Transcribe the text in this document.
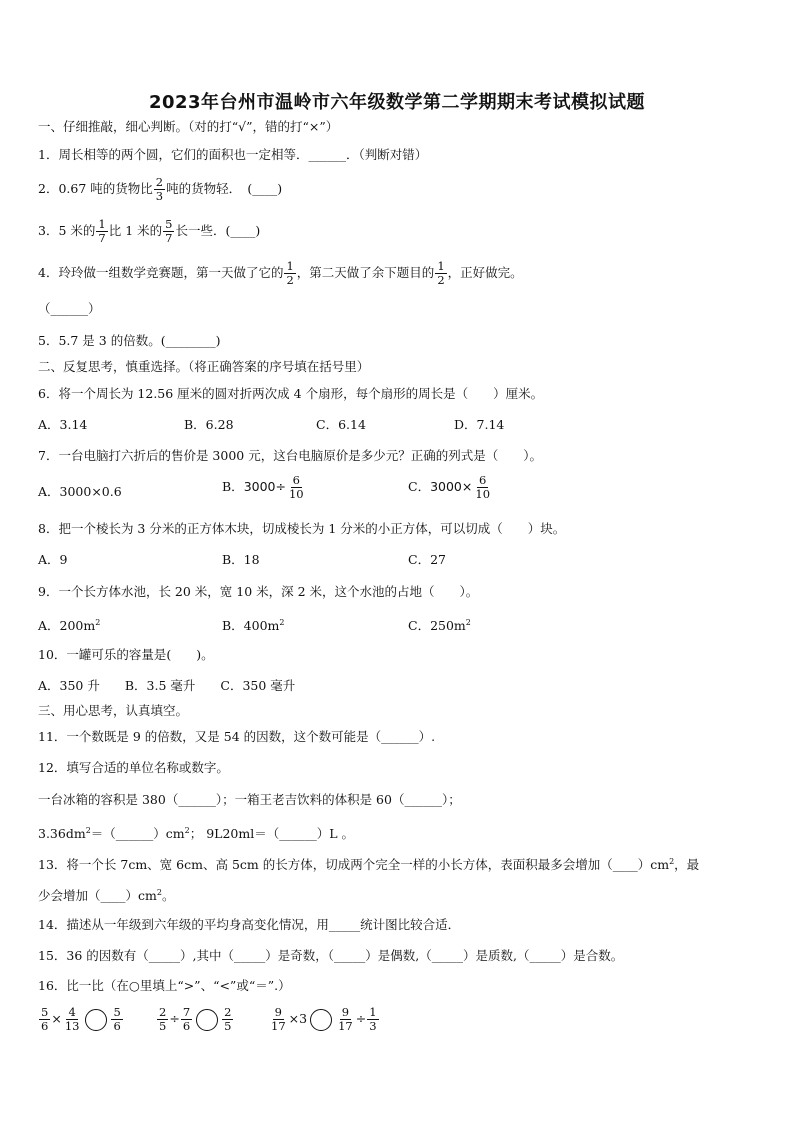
2023年台州市温岭市六年级数学第二学期期末考试模拟试题
一、仔细推敲，细心判断。（对的打“√”，错的打“×”）
1．周长相等的两个圆，它们的面积也一定相等．______．（判断对错）
2．0.67 吨的货物比 $\frac{2}{3}$ 吨的货物轻．　(____)
3．5 米的 $\frac{1}{7}$ 比 1 米的 $\frac{5}{7}$ 长一些．(____)
4．玲玲做一组数学竞赛题，第一天做了它的 $\frac{1}{2}$ ，第二天做了余下题目的 $\frac{1}{2}$ ，正好做完。
（______）
5．5.7 是 3 的倍数。(________)
二、反复思考，慎重选择。（将正确答案的序号填在括号里）
6．将一个周长为 12.56 厘米的圆对折两次成 4 个扇形，每个扇形的周长是（　　）厘米。
A．3.14	B．6.28	C．6.14	D．7.14
7．一台电脑打六折后的售价是 3000 元，这台电脑原价是多少元？正确的列式是（　　）。
A．3000×0.6	B．$3000\div \frac{6}{10}$	C．$3000\times \frac{6}{10}$
8．把一个棱长为 3 分米的正方体木块，切成棱长为 1 分米的小正方体，可以切成（　　）块。
A．9	B．18	C．27
9．一个长方体水池，长 20 米，宽 10 米，深 2 米，这个水池的占地（　　）。
A．$200m^2$	B．$400m^2$	C．$250m^2$
10．一罐可乐的容量是(　　)。
A．350 升　　B．3.5 毫升　　C．350 毫升
三、用心思考，认真填空。
11．一个数既是 9 的倍数，又是 54 的因数，这个数可能是（______）.
12．填写合适的单位名称或数字。
一台冰箱的容积是 380（______）；一箱王老吉饮料的体积是 60（______）；
$3.36dm^2=(\_\_\_\_\_\_)cm^2$； 9L20ml＝（______）L 。
13．将一个长 7cm、宽 6cm、高 5cm 的长方体，切成两个完全一样的小长方体，表面积最多会增加$(\_\_\_\_)cm^2$，最
少会增加$(\_\_\_\_)cm^2$。
14．描述从一年级到六年级的平均身高变化情况，用_____统计图比较合适．
15．36 的因数有（_____）,其中（_____）是奇数，（_____）是偶数,（_____）是质数,（_____）是合数。
16．比一比（在○里填上“>”、“<”或“＝”.）
$\frac{5}{6} \times \frac{4}{13}$	$\frac{5}{6}$	$\frac{2}{5} \div \frac{7}{6}$	$\frac{2}{5}$	$\frac{9}{17} \times 3$	$\frac{9}{17} \div \frac{1}{3}$
